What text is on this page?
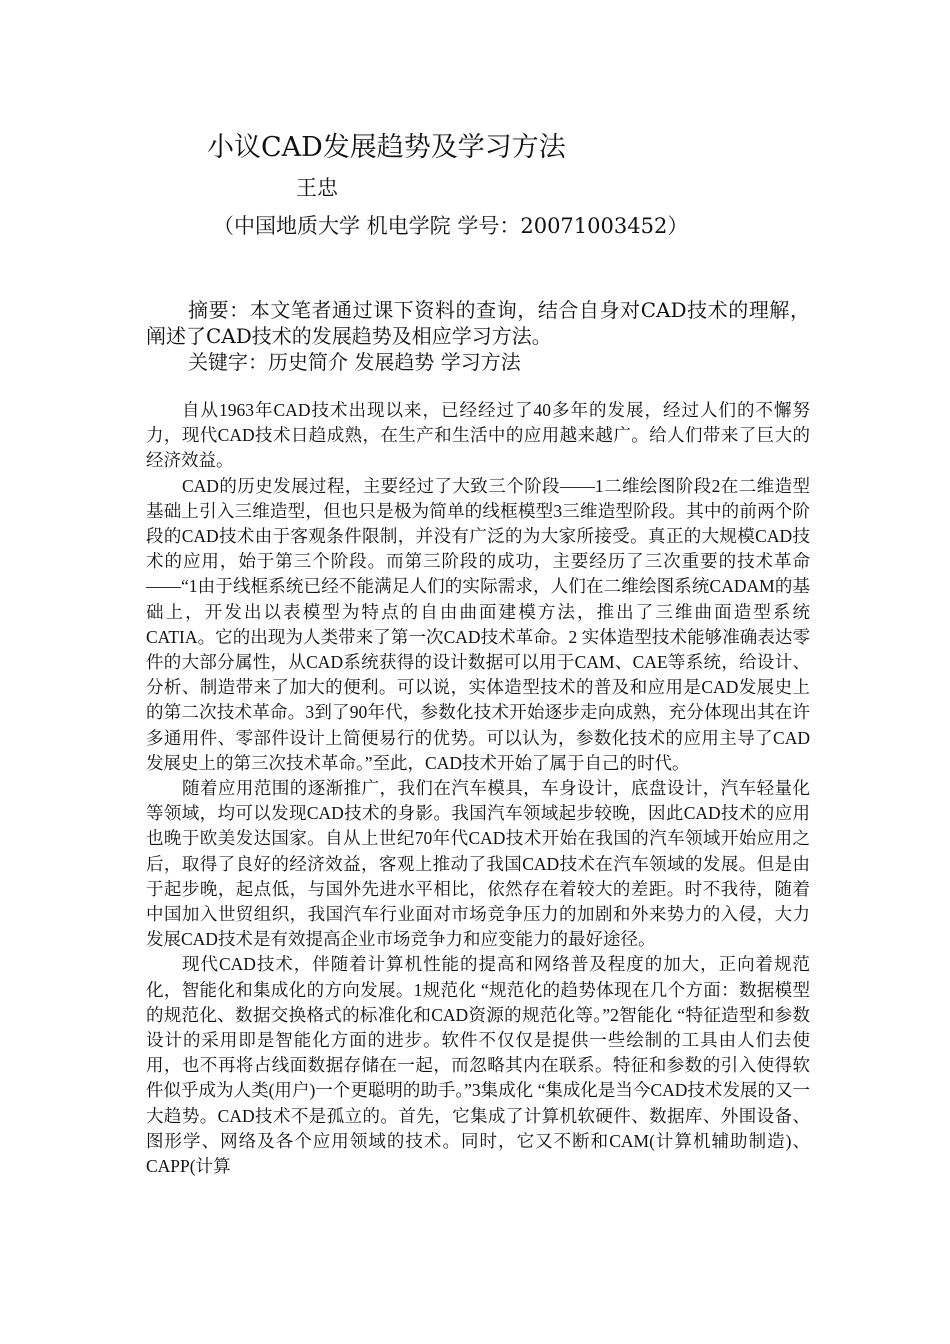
小议CAD发展趋势及学习方法
王忠
（中国地质大学 机电学院 学号：20071003452）
摘要：本文笔者通过课下资料的查询，结合自身对CAD技术的理解，阐述了CAD技术的发展趋势及相应学习方法。
关键字：历史简介 发展趋势 学习方法

自从1963年CAD技术出现以来，已经经过了40多年的发展，经过人们的不懈努力，现代CAD技术日趋成熟，在生产和生活中的应用越来越广。给人们带来了巨大的经济效益。

CAD的历史发展过程，主要经过了大致三个阶段——1二维绘图阶段2在二维造型基础上引入三维造型，但也只是极为简单的线框模型3三维造型阶段。其中的前两个阶段的CAD技术由于客观条件限制，并没有广泛的为大家所接受。真正的大规模CAD技术的应用，始于第三个阶段。而第三阶段的成功，主要经历了三次重要的技术革命——“1由于线框系统已经不能满足人们的实际需求，人们在二维绘图系统CADAM的基础上，开发出以表模型为特点的自由曲面建模方法，推出了三维曲面造型系统CATIA。它的出现为人类带来了第一次CAD技术革命。2 实体造型技术能够准确表达零件的大部分属性，从CAD系统获得的设计数据可以用于CAM、CAE等系统，给设计、分析、制造带来了加大的便利。可以说，实体造型技术的普及和应用是CAD发展史上的第二次技术革命。3到了90年代，参数化技术开始逐步走向成熟，充分体现出其在许多通用件、零部件设计上简便易行的优势。可以认为，参数化技术的应用主导了CAD发展史上的第三次技术革命。”至此，CAD技术开始了属于自己的时代。

随着应用范围的逐渐推广，我们在汽车模具，车身设计，底盘设计，汽车轻量化等领域，均可以发现CAD技术的身影。我国汽车领域起步较晚，因此CAD技术的应用也晚于欧美发达国家。自从上世纪70年代CAD技术开始在我国的汽车领域开始应用之后，取得了良好的经济效益，客观上推动了我国CAD技术在汽车领域的发展。但是由于起步晚，起点低，与国外先进水平相比，依然存在着较大的差距。时不我待，随着中国加入世贸组织，我国汽车行业面对市场竞争压力的加剧和外来势力的入侵，大力发展CAD技术是有效提高企业市场竞争力和应变能力的最好途径。

现代CAD技术，伴随着计算机性能的提高和网络普及程度的加大，正向着规范化，智能化和集成化的方向发展。1规范化 “规范化的趋势体现在几个方面：数据模型的规范化、数据交换格式的标准化和CAD资源的规范化等。”2智能化 “特征造型和参数设计的采用即是智能化方面的进步。软件不仅仅是提供一些绘制的工具由人们去使用，也不再将占线面数据存储在一起，而忽略其内在联系。特征和参数的引入使得软件似乎成为人类(用户)一个更聪明的助手。”3集成化 “集成化是当今CAD技术发展的又一大趋势。CAD技术不是孤立的。首先，它集成了计算机软硬件、数据库、外围设备、图形学、网络及各个应用领域的技术。同时，它又不断和CAM(计算机辅助制造)、CAPP(计算
